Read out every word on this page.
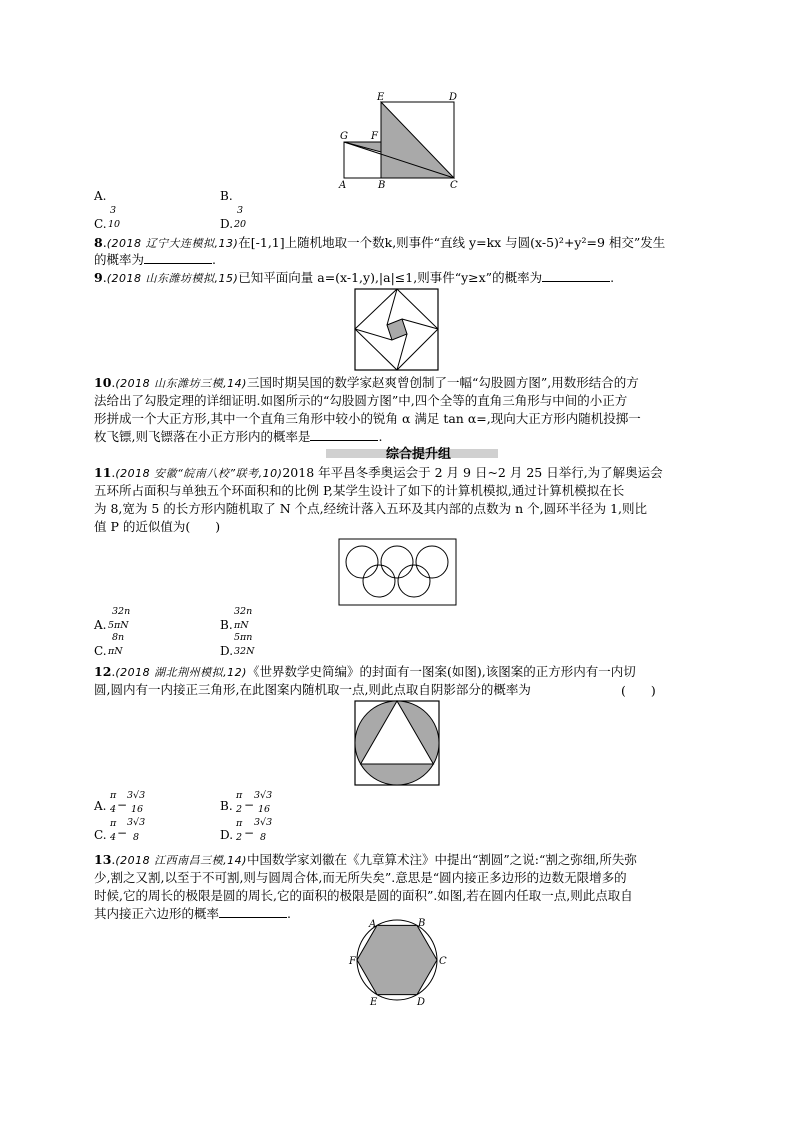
E	D
G F
A	B	C
A.	B.
C.
3
10	D.
3
20
8.(2018 辽宁大连模拟,13)在[-1,1]上随机地取一个数k,则事件“直线 y=kx 与圆(x-5)²+y²=9 相交”发生
的概率为	.
9.(2018 山东潍坊模拟,15)已知平面向量 a=(x-1,y),|a|≤1,则事件“y≥x”的概率为	.
10.(2018 山东潍坊三模,14)三国时期吴国的数学家赵爽曾创制了一幅“勾股圆方图”,用数形结合的方
法给出了勾股定理的详细证明.如图所示的“勾股圆方图”中,四个全等的直角三角形与中间的小正方
形拼成一个大正方形,其中一个直角三角形中较小的锐角 α 满足 tan α=,现向大正方形内随机投掷一
枚飞镖,则飞镖落在小正方形内的概率是	.
综合提升组
11.(2018 安徽“皖南八校”联考,10)2018 年平昌冬季奥运会于 2 月 9 日~2 月 25 日举行,为了解奥运会
五环所占面积与单独五个环面积和的比例 P,某学生设计了如下的计算机模拟,通过计算机模拟在长
为 8,宽为 5 的长方形内随机取了 N 个点,经统计落入五环及其内部的点数为 n 个,圆环半径为 1,则比
值 P 的近似值为(　　)
32n
A. 5πN
32n
B. πN
8n
C. πN
5πn
D. 32N
12.(2018 湖北荆州模拟,12)《世界数学史简编》的封面有一图案(如图),该图案的正方形内有一内切
圆,圆内有一内接正三角形,在此图案内随机取一点,则此点取自阴影部分的概率为	(　　)
π 3√3
A. −
4 16
π 3√3
B. −
2 16
π 3√3
C. −
4 8
π 3√3
D. −
2 8
13.(2018 江西南昌三模,14)中国数学家刘徽在《九章算术注》中提出“割圆”之说:“割之弥细,所失弥
少,割之又割,以至于不可割,则与圆周合体,而无所失矣”.意思是“圆内接正多边形的边数无限增多的
时候,它的周长的极限是圆的周长,它的面积的极限是圆的面积”.如图,若在圆内任取一点,则此点取自
其内接正六边形的概率	.
A	B
C
D
E
F
